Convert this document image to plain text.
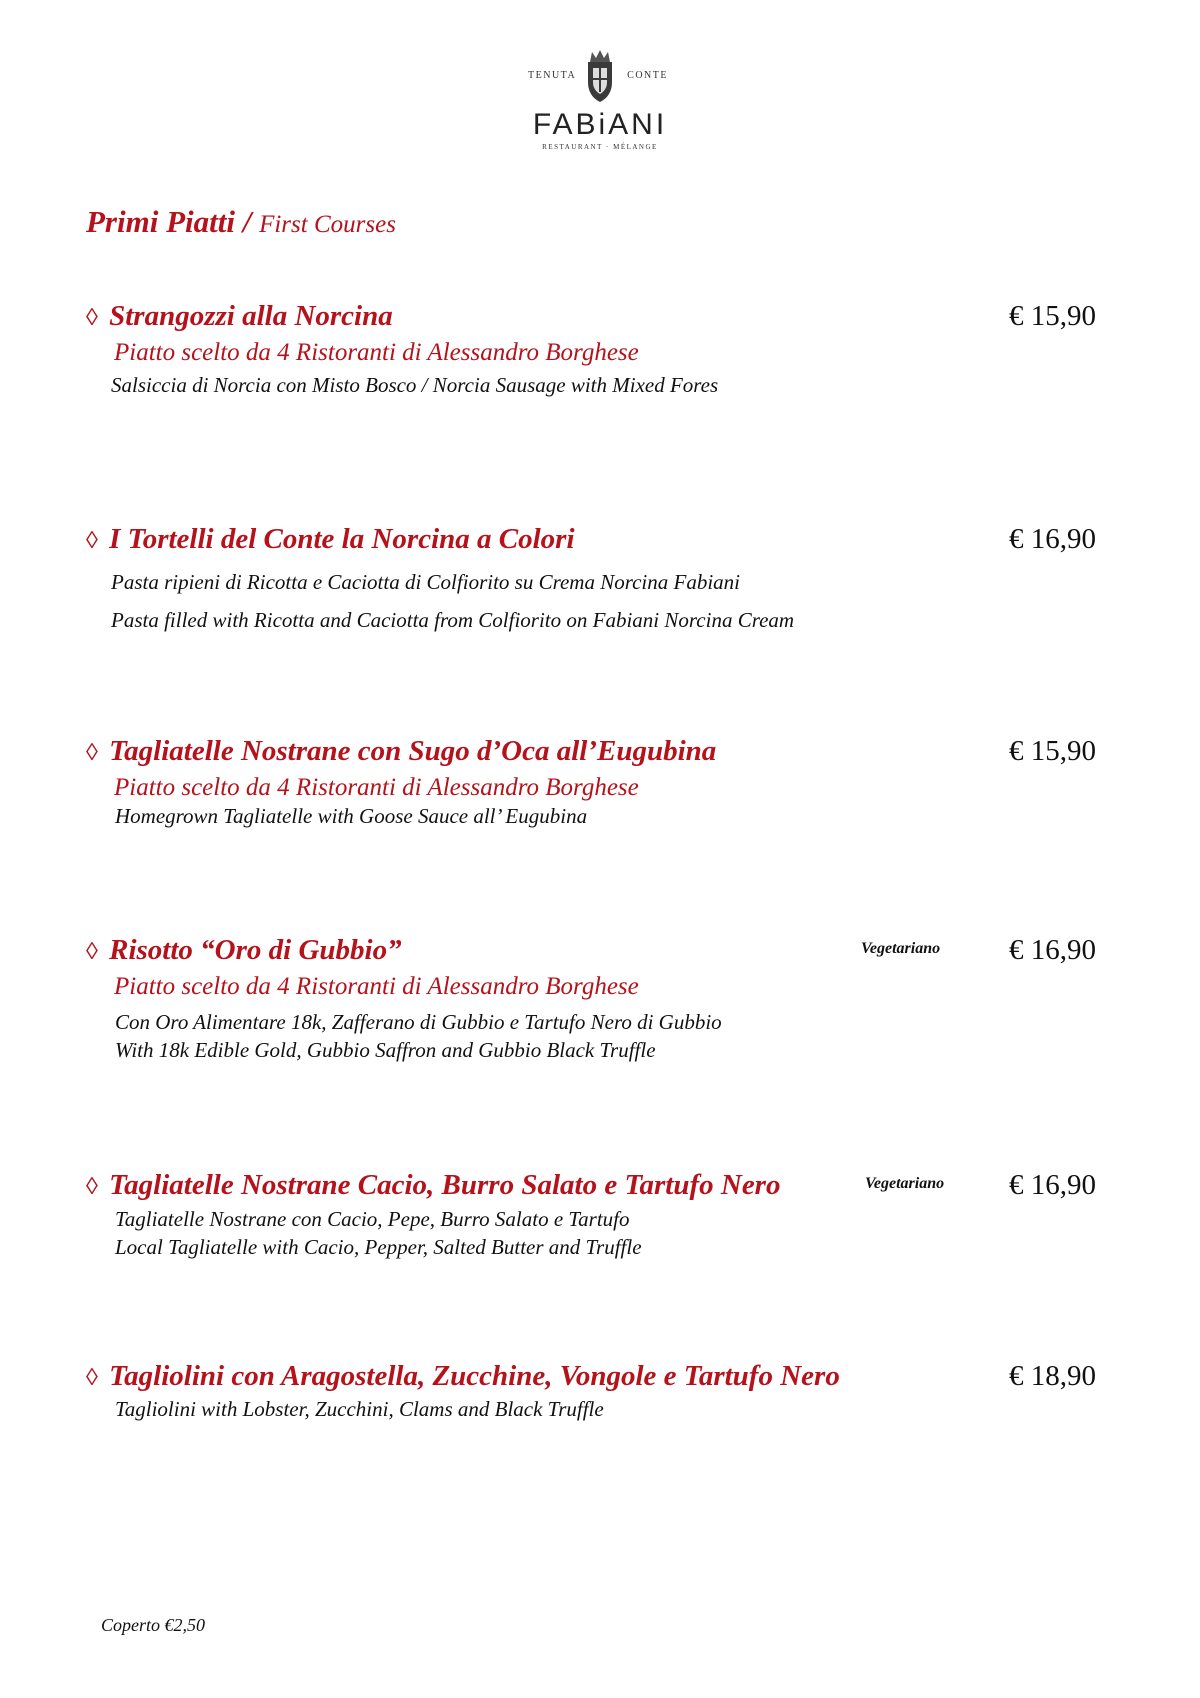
TENUTA	CONTE
FABiANI
RESTAURANT · MÉLANGE
Primi Piatti / First Courses
◊ Strangozzi alla Norcina	€ 15,90
Piatto scelto da 4 Ristoranti di Alessandro Borghese
Salsiccia di Norcia con Misto Bosco / Norcia Sausage with Mixed Fores
◊ I Tortelli del Conte la Norcina a Colori	€ 16,90
Pasta ripieni di Ricotta e Caciotta di Colfiorito su Crema Norcina Fabiani
Pasta filled with Ricotta and Caciotta from Colfiorito on Fabiani Norcina Cream
◊ Tagliatelle Nostrane con Sugo d’Oca all’Eugubina	€ 15,90
Piatto scelto da 4 Ristoranti di Alessandro Borghese
Homegrown Tagliatelle with Goose Sauce all’ Eugubina
◊ Risotto “Oro di Gubbio”	Vegetariano € 16,90
Piatto scelto da 4 Ristoranti di Alessandro Borghese
Con Oro Alimentare 18k, Zafferano di Gubbio e Tartufo Nero di Gubbio
With 18k Edible Gold, Gubbio Saffron and Gubbio Black Truffle
◊ Tagliatelle Nostrane Cacio, Burro Salato e Tartufo Nero	Vegetariano € 16,90
Tagliatelle Nostrane con Cacio, Pepe, Burro Salato e Tartufo
Local Tagliatelle with Cacio, Pepper, Salted Butter and Truffle
◊ Tagliolini con Aragostella, Zucchine, Vongole e Tartufo Nero	€ 18,90
Tagliolini with Lobster, Zucchini, Clams and Black Truffle
Coperto €2,50
